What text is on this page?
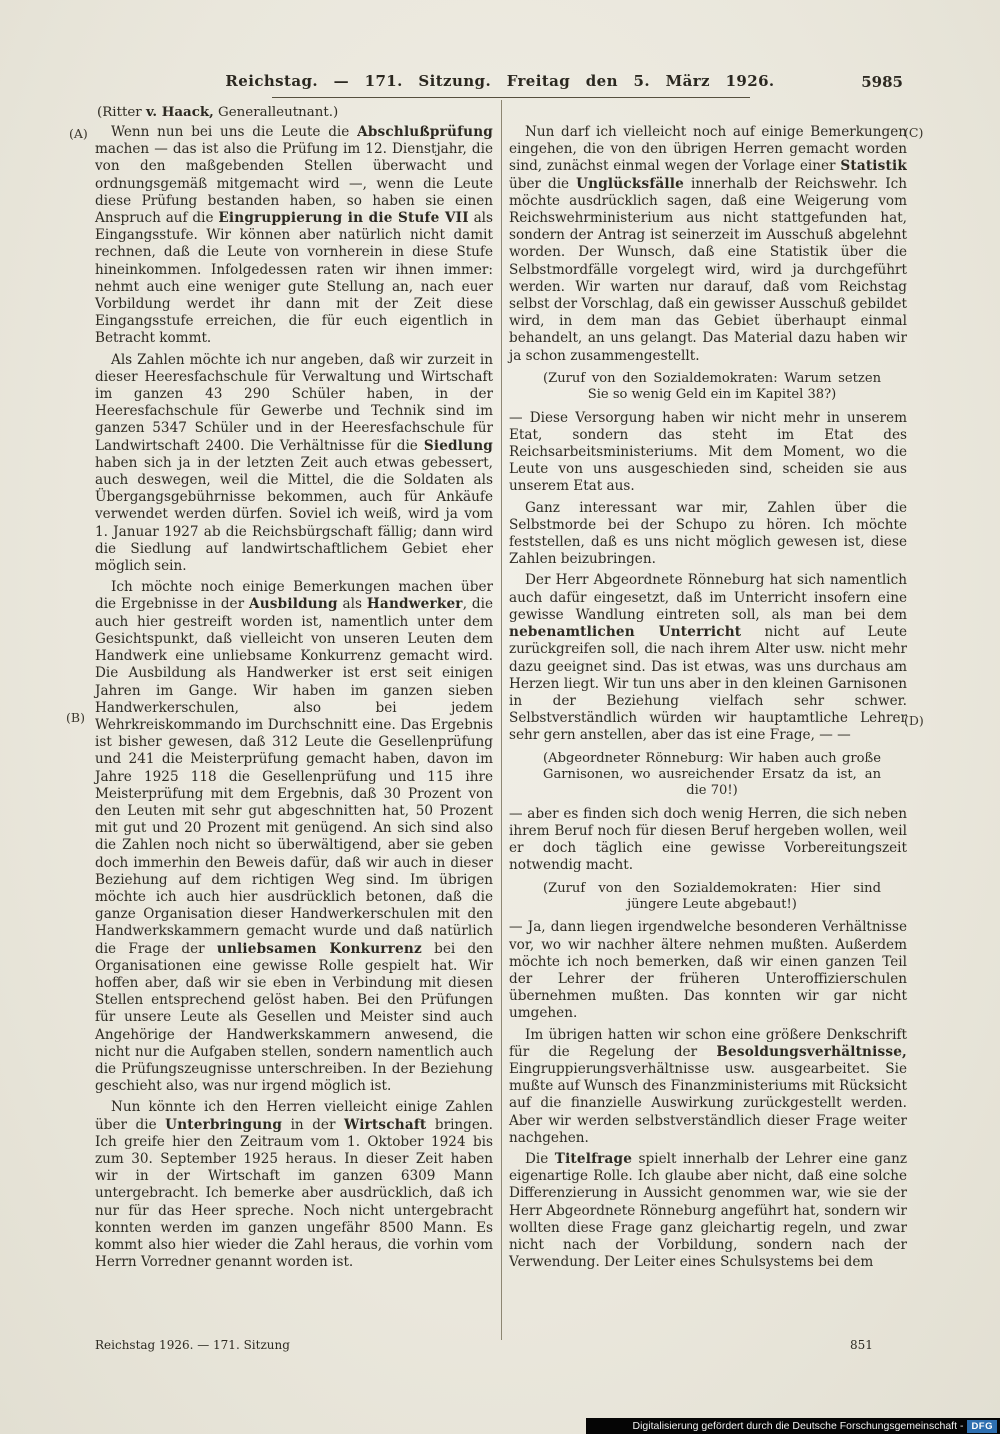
Reichstag. — 171. Sitzung. Freitag den 5. März 1926.	5985
(Ritter v. Haack, Generalleutnant.)
(A)
(B)
(C)
(D)

Wenn nun bei uns die Leute die Abschlußprüfung machen — das ist also die Prüfung im 12. Dienstjahr, die von den maßgebenden Stellen überwacht und ordnungsgemäß mitgemacht wird —, wenn die Leute diese Prüfung bestanden haben, so haben sie einen Anspruch auf die Eingruppierung in die Stufe VII als Eingangsstufe. Wir können aber natürlich nicht damit rechnen, daß die Leute von vornherein in diese Stufe hineinkommen. Infolgedessen raten wir ihnen immer: nehmt auch eine weniger gute Stellung an, nach euer Vorbildung werdet ihr dann mit der Zeit diese Eingangsstufe erreichen, die für euch eigentlich in Betracht kommt.

Als Zahlen möchte ich nur angeben, daß wir zurzeit in dieser Heeresfachschule für Verwaltung und Wirtschaft im ganzen 43 290 Schüler haben, in der Heeresfachschule für Gewerbe und Technik sind im ganzen 5347 Schüler und in der Heeresfachschule für Landwirtschaft 2400. Die Verhältnisse für die Siedlung haben sich ja in der letzten Zeit auch etwas gebessert, auch deswegen, weil die Mittel, die die Soldaten als Übergangsgebührnisse bekommen, auch für Ankäufe verwendet werden dürfen. Soviel ich weiß, wird ja vom 1. Januar 1927 ab die Reichsbürgschaft fällig; dann wird die Siedlung auf landwirtschaftlichem Gebiet eher möglich sein.

Ich möchte noch einige Bemerkungen machen über die Ergebnisse in der Ausbildung als Handwerker, die auch hier gestreift worden ist, namentlich unter dem Gesichtspunkt, daß vielleicht von unseren Leuten dem Handwerk eine unliebsame Konkurrenz gemacht wird. Die Ausbildung als Handwerker ist erst seit einigen Jahren im Gange. Wir haben im ganzen sieben Handwerkerschulen, also bei jedem Wehrkreiskommando im Durchschnitt eine. Das Ergebnis ist bisher gewesen, daß 312 Leute die Gesellenprüfung und 241 die Meisterprüfung gemacht haben, davon im Jahre 1925 118 die Gesellenprüfung und 115 ihre Meisterprüfung mit dem Ergebnis, daß 30 Prozent von den Leuten mit sehr gut abgeschnitten hat, 50 Prozent mit gut und 20 Prozent mit genügend. An sich sind also die Zahlen noch nicht so überwältigend, aber sie geben doch immerhin den Beweis dafür, daß wir auch in dieser Beziehung auf dem richtigen Weg sind. Im übrigen möchte ich auch hier ausdrücklich betonen, daß die ganze Organisation dieser Handwerkerschulen mit den Handwerkskammern gemacht wurde und daß natürlich die Frage der unliebsamen Konkurrenz bei den Organisationen eine gewisse Rolle gespielt hat. Wir hoffen aber, daß wir sie eben in Verbindung mit diesen Stellen entsprechend gelöst haben. Bei den Prüfungen für unsere Leute als Gesellen und Meister sind auch Angehörige der Handwerkskammern anwesend, die nicht nur die Aufgaben stellen, sondern namentlich auch die Prüfungszeugnisse unterschreiben. In der Beziehung geschieht also, was nur irgend möglich ist.

Nun könnte ich den Herren vielleicht einige Zahlen über die Unterbringung in der Wirtschaft bringen. Ich greife hier den Zeitraum vom 1. Oktober 1924 bis zum 30. September 1925 heraus. In dieser Zeit haben wir in der Wirtschaft im ganzen 6309 Mann untergebracht. Ich bemerke aber ausdrücklich, daß ich nur für das Heer spreche. Noch nicht untergebracht konnten werden im ganzen ungefähr 8500 Mann. Es kommt also hier wieder die Zahl heraus, die vorhin vom Herrn Vorredner genannt worden ist.

Nun darf ich vielleicht noch auf einige Bemerkungen eingehen, die von den übrigen Herren gemacht worden sind, zunächst einmal wegen der Vorlage einer Statistik über die Unglücksfälle innerhalb der Reichswehr. Ich möchte ausdrücklich sagen, daß eine Weigerung vom Reichswehrministerium aus nicht stattgefunden hat, sondern der Antrag ist seinerzeit im Ausschuß abgelehnt worden. Der Wunsch, daß eine Statistik über die Selbstmordfälle vorgelegt wird, wird ja durchgeführt werden. Wir warten nur darauf, daß vom Reichstag selbst der Vorschlag, daß ein gewisser Ausschuß gebildet wird, in dem man das Gebiet überhaupt einmal behandelt, an uns gelangt. Das Material dazu haben wir ja schon zusammengestellt.

(Zuruf von den Sozialdemokraten: Warum setzen Sie so wenig Geld ein im Kapitel 38?)

— Diese Versorgung haben wir nicht mehr in unserem Etat, sondern das steht im Etat des Reichsarbeitsministeriums. Mit dem Moment, wo die Leute von uns ausgeschieden sind, scheiden sie aus unserem Etat aus.

Ganz interessant war mir, Zahlen über die Selbstmorde bei der Schupo zu hören. Ich möchte feststellen, daß es uns nicht möglich gewesen ist, diese Zahlen beizubringen.

Der Herr Abgeordnete Rönneburg hat sich namentlich auch dafür eingesetzt, daß im Unterricht insofern eine gewisse Wandlung eintreten soll, als man bei dem nebenamtlichen Unterricht nicht auf Leute zurückgreifen soll, die nach ihrem Alter usw. nicht mehr dazu geeignet sind. Das ist etwas, was uns durchaus am Herzen liegt. Wir tun uns aber in den kleinen Garnisonen in der Beziehung vielfach sehr schwer. Selbstverständlich würden wir hauptamtliche Lehrer sehr gern anstellen, aber das ist eine Frage, — —

(Abgeordneter Rönneburg: Wir haben auch große Garnisonen, wo ausreichender Ersatz da ist, an die 70!)

— aber es finden sich doch wenig Herren, die sich neben ihrem Beruf noch für diesen Beruf hergeben wollen, weil er doch täglich eine gewisse Vorbereitungszeit notwendig macht.

(Zuruf von den Sozialdemokraten: Hier sind jüngere Leute abgebaut!)

— Ja, dann liegen irgendwelche besonderen Verhältnisse vor, wo wir nachher ältere nehmen mußten. Außerdem möchte ich noch bemerken, daß wir einen ganzen Teil der Lehrer der früheren Unteroffizierschulen übernehmen mußten. Das konnten wir gar nicht umgehen.

Im übrigen hatten wir schon eine größere Denkschrift für die Regelung der Besoldungsverhältnisse, Eingruppierungsverhältnisse usw. ausgearbeitet. Sie mußte auf Wunsch des Finanzministeriums mit Rücksicht auf die finanzielle Auswirkung zurückgestellt werden. Aber wir werden selbstverständlich dieser Frage weiter nachgehen.

Die Titelfrage spielt innerhalb der Lehrer eine ganz eigenartige Rolle. Ich glaube aber nicht, daß eine solche Differenzierung in Aussicht genommen war, wie sie der Herr Abgeordnete Rönneburg angeführt hat, sondern wir wollten diese Frage ganz gleichartig regeln, und zwar nicht nach der Vorbildung, sondern nach der Verwendung. Der Leiter eines Schulsystems bei dem

Reichstag 1926. — 171. Sitzung	851
Digitalisierung gefördert durch die Deutsche Forschungsgemeinschaft - DFG
